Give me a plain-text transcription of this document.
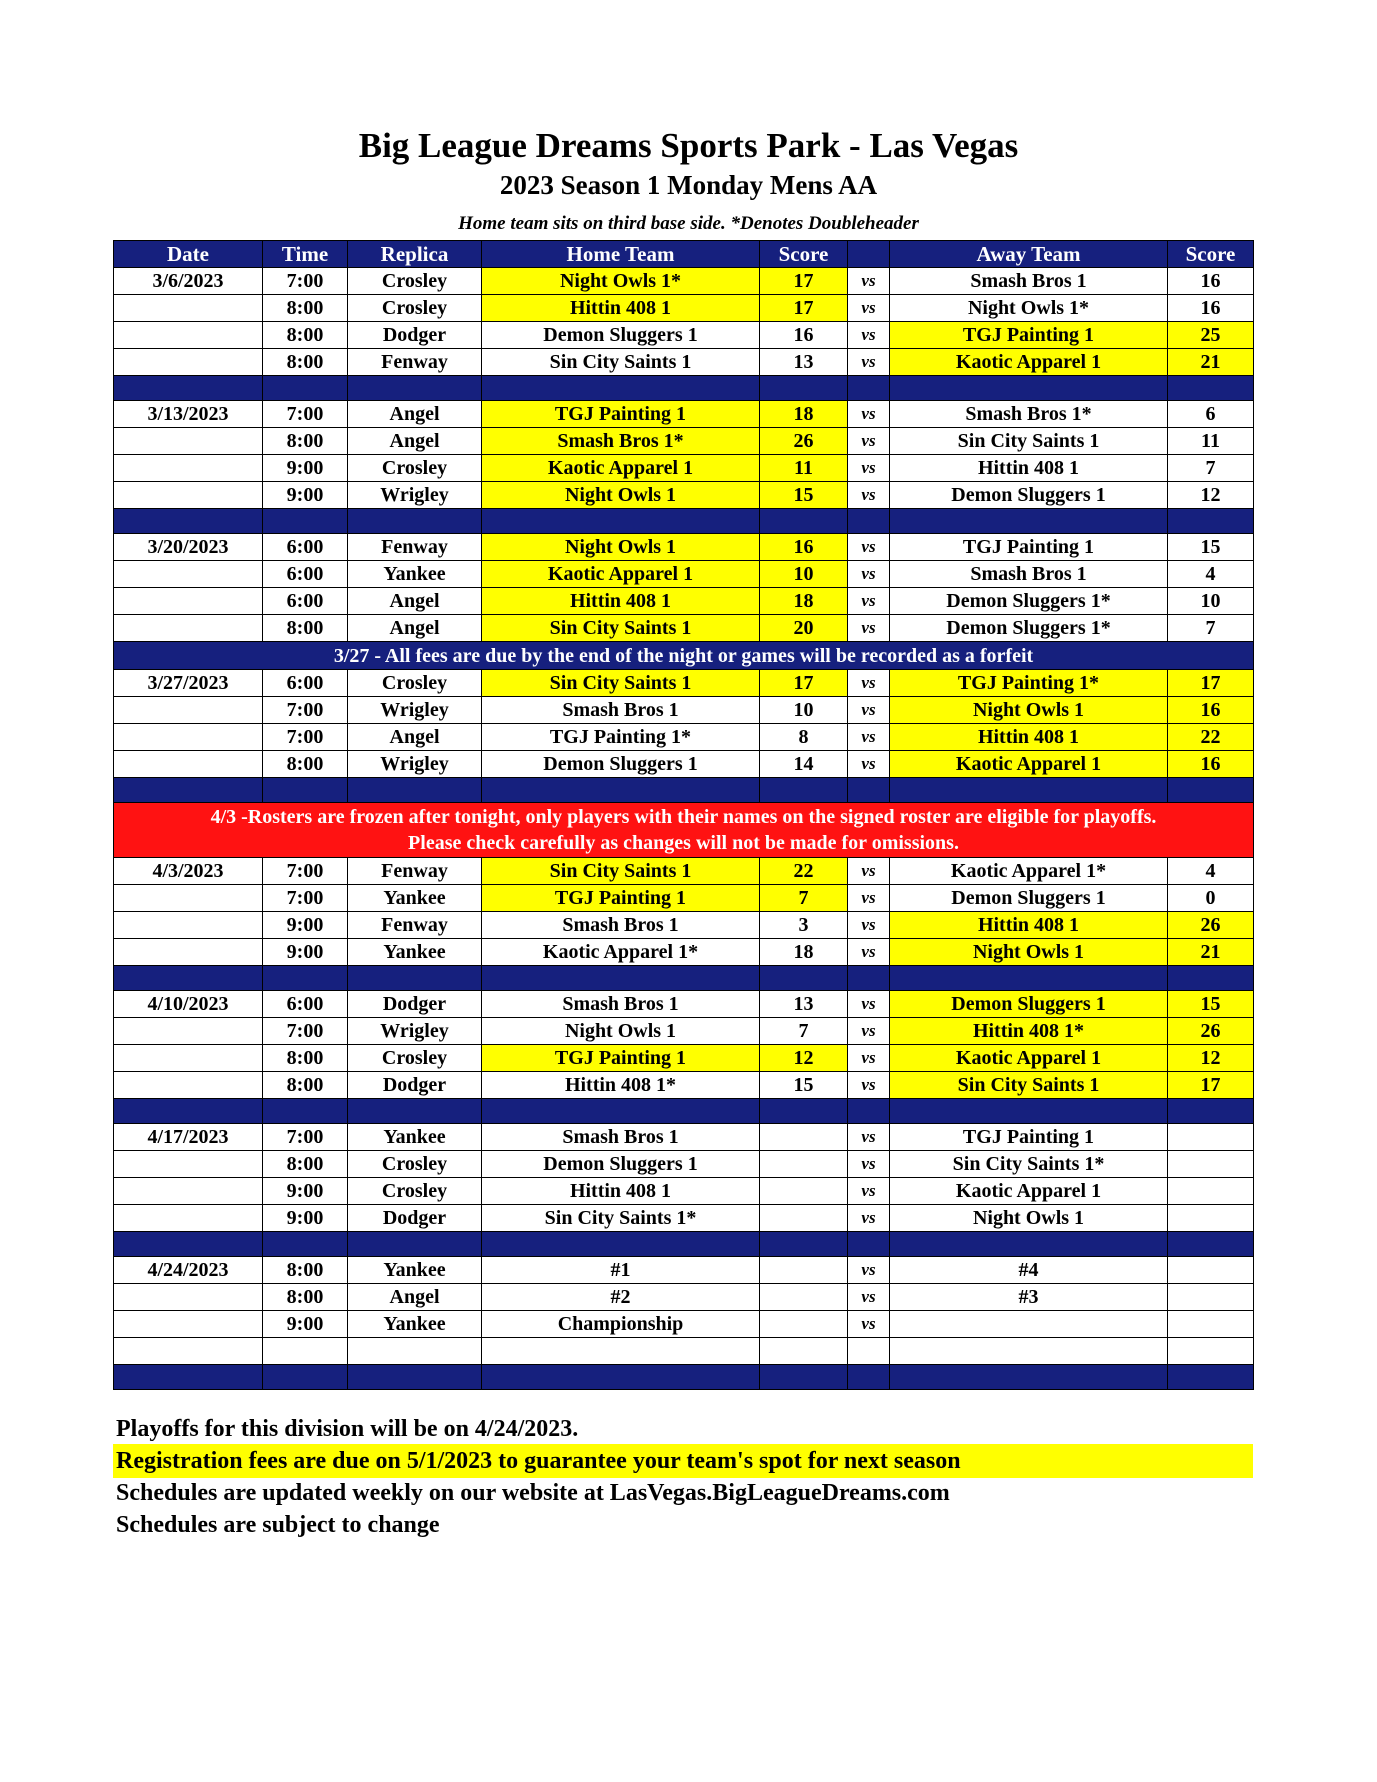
Big League Dreams Sports Park - Las Vegas
2023 Season 1 Monday Mens AA
Home team sits on third base side. *Denotes Doubleheader
Date	Time	Replica	Home Team	Score		Away Team	Score
3/6/2023	7:00	Crosley	Night Owls 1*	17	vs	Smash Bros 1	16
	8:00	Crosley	Hittin 408 1	17	vs	Night Owls 1*	16
	8:00	Dodger	Demon Sluggers 1	16	vs	TGJ Painting 1	25
	8:00	Fenway	Sin City Saints 1	13	vs	Kaotic Apparel 1	21

3/13/2023	7:00	Angel	TGJ Painting 1	18	vs	Smash Bros 1*	6
	8:00	Angel	Smash Bros 1*	26	vs	Sin City Saints 1	11
	9:00	Crosley	Kaotic Apparel 1	11	vs	Hittin 408 1	7
	9:00	Wrigley	Night Owls 1	15	vs	Demon Sluggers 1	12

3/20/2023	6:00	Fenway	Night Owls 1	16	vs	TGJ Painting 1	15
	6:00	Yankee	Kaotic Apparel 1	10	vs	Smash Bros 1	4
	6:00	Angel	Hittin 408 1	18	vs	Demon Sluggers 1*	10
	8:00	Angel	Sin City Saints 1	20	vs	Demon Sluggers 1*	7
3/27 - All fees are due by the end of the night or games will be recorded as a forfeit							
3/27/2023	6:00	Crosley	Sin City Saints 1	17	vs	TGJ Painting 1*	17
	7:00	Wrigley	Smash Bros 1	10	vs	Night Owls 1	16
	7:00	Angel	TGJ Painting 1*	8	vs	Hittin 408 1	22
	8:00	Wrigley	Demon Sluggers 1	14	vs	Kaotic Apparel 1	16

4/3 -Rosters are frozen after tonight, only players with their names on the signed roster are eligible for playoffs.
Please check carefully as changes will not be made for omissions.							

4/3/2023	7:00	Fenway	Sin City Saints 1	22	vs	Kaotic Apparel 1*	4
	7:00	Yankee	TGJ Painting 1	7	vs	Demon Sluggers 1	0
	9:00	Fenway	Smash Bros 1	3	vs	Hittin 408 1	26
	9:00	Yankee	Kaotic Apparel 1*	18	vs	Night Owls 1	21

4/10/2023	6:00	Dodger	Smash Bros 1	13	vs	Demon Sluggers 1	15
	7:00	Wrigley	Night Owls 1	7	vs	Hittin 408 1*	26
	8:00	Crosley	TGJ Painting 1	12	vs	Kaotic Apparel 1	12
	8:00	Dodger	Hittin 408 1*	15	vs	Sin City Saints 1	17

4/17/2023	7:00	Yankee	Smash Bros 1		vs	TGJ Painting 1	
	8:00	Crosley	Demon Sluggers 1		vs	Sin City Saints 1*	
	9:00	Crosley	Hittin 408 1		vs	Kaotic Apparel 1	
	9:00	Dodger	Sin City Saints 1*		vs	Night Owls 1	

4/24/2023	8:00	Yankee	#1		vs	#4	
	8:00	Angel	#2		vs	#3	
	9:00	Yankee	Championship		vs		

Playoffs for this division will be on 4/24/2023.
Registration fees are due on 5/1/2023 to guarantee your team's spot for next season
Schedules are updated weekly on our website at LasVegas.BigLeagueDreams.com
Schedules are subject to change
